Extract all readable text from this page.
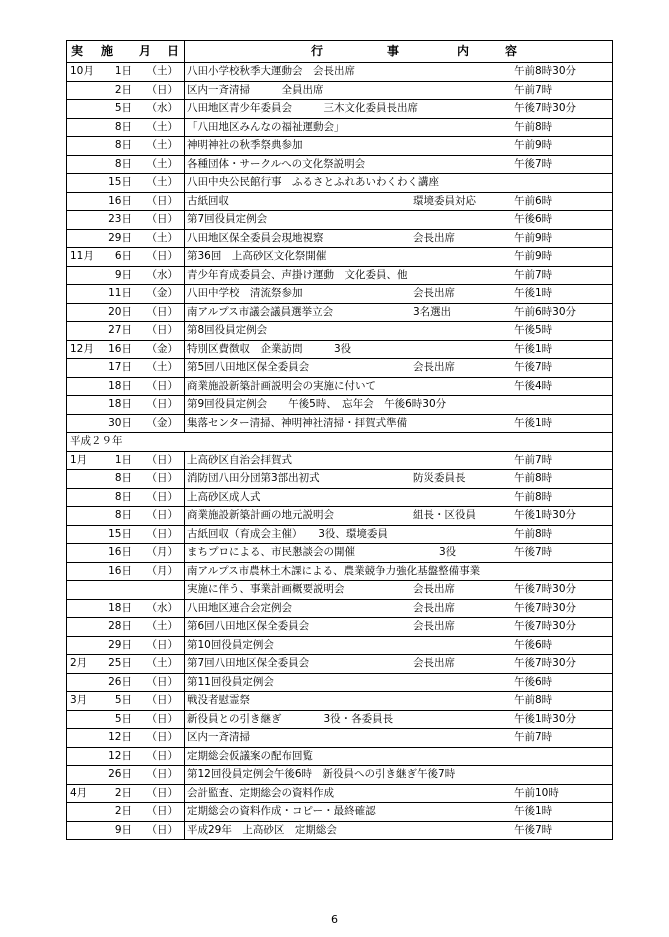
実 施 月 日	行 事 内 容

10月 1日 （土）	八田小学校秋季大運動会　会長出席 午前8時30分

2日 （日）	区内一斉清掃　　　全員出席 午前7時

5日 （水）	八田地区青少年委員会　　　三木文化委員長出席 午後7時30分

8日 （土）	「八田地区みんなの福祉運動会」 午前8時

8日 （土）	神明神社の秋季祭典参加 午前9時

8日 （土）	各種団体・サークルへの文化祭説明会 午後7時

15日 （土）	八田中央公民館行事　ふるさとふれあいわくわく講座

16日 （日）	古紙回収 環境委員対応 午前6時

23日 （日）	第7回役員定例会 午後6時

29日 （土）	八田地区保全委員会現地視察 会長出席 午前9時

11月 6日 （日）	第36回　上高砂区文化祭開催 午前9時

9日 （水）	青少年育成委員会、声掛け運動　文化委員、他 午前7時

11日 （金）	八田中学校　清流祭参加 会長出席 午後1時

20日 （日）	南アルプス市議会議員選挙立会 3名選出 午前6時30分

27日 （日）	第8回役員定例会 午後5時

12月 16日 （金）	特別区費徴収　企業訪問　　　3役 午後1時

17日 （土）	第5回八田地区保全委員会 会長出席 午後7時

18日 （日）	商業施設新築計画説明会の実施に付いて 午後4時

18日 （日）	第9回役員定例会　　午後5時、　忘年会　午後6時30分

30日 （金）	集落センター清掃、神明神社清掃・拝賀式準備 午後1時

平成２９年	

1月 1日 （日）	上高砂区自治会拝賀式 午前7時

8日 （日）	消防団八田分団第3部出初式 防災委員長 午前8時

8日 （日）	上高砂区成人式 午前8時

8日 （日）	商業施設新築計画の地元説明会 組長・区役員 午後1時30分

15日 （日）	古紙回収（育成会主催）　　3役、環境委員 午前8時

16日 （月）	まちプロによる、市民懇談会の開催　　　　　　　　3役 午後7時

16日 （月）	南アルプス市農林土木課による、農業競争力強化基盤整備事業

	実施に伴う、事業計画概要説明会 会長出席 午後7時30分

18日 （水）	八田地区連合会定例会 会長出席 午後7時30分

28日 （土）	第6回八田地区保全委員会 会長出席 午後7時30分

29日 （日）	第10回役員定例会 午後6時

2月 25日 （土）	第7回八田地区保全委員会 会長出席 午後7時30分

26日 （日）	第11回役員定例会 午後6時

3月 5日 （日）	戦没者慰霊祭 午前8時

5日 （日）	新役員との引き継ぎ　　　　3役・各委員長 午後1時30分

12日 （日）	区内一斉清掃 午前7時

12日 （日）	定期総会仮議案の配布回覧

26日 （日）	第12回役員定例会午後6時　新役員への引き継ぎ午後7時

4月 2日 （日）	会計監査、定期総会の資料作成 午前10時

2日 （日）	定期総会の資料作成・コピー・最終確認 午後1時

9日 （日）	平成29年　上高砂区　定期総会 午後7時
6
